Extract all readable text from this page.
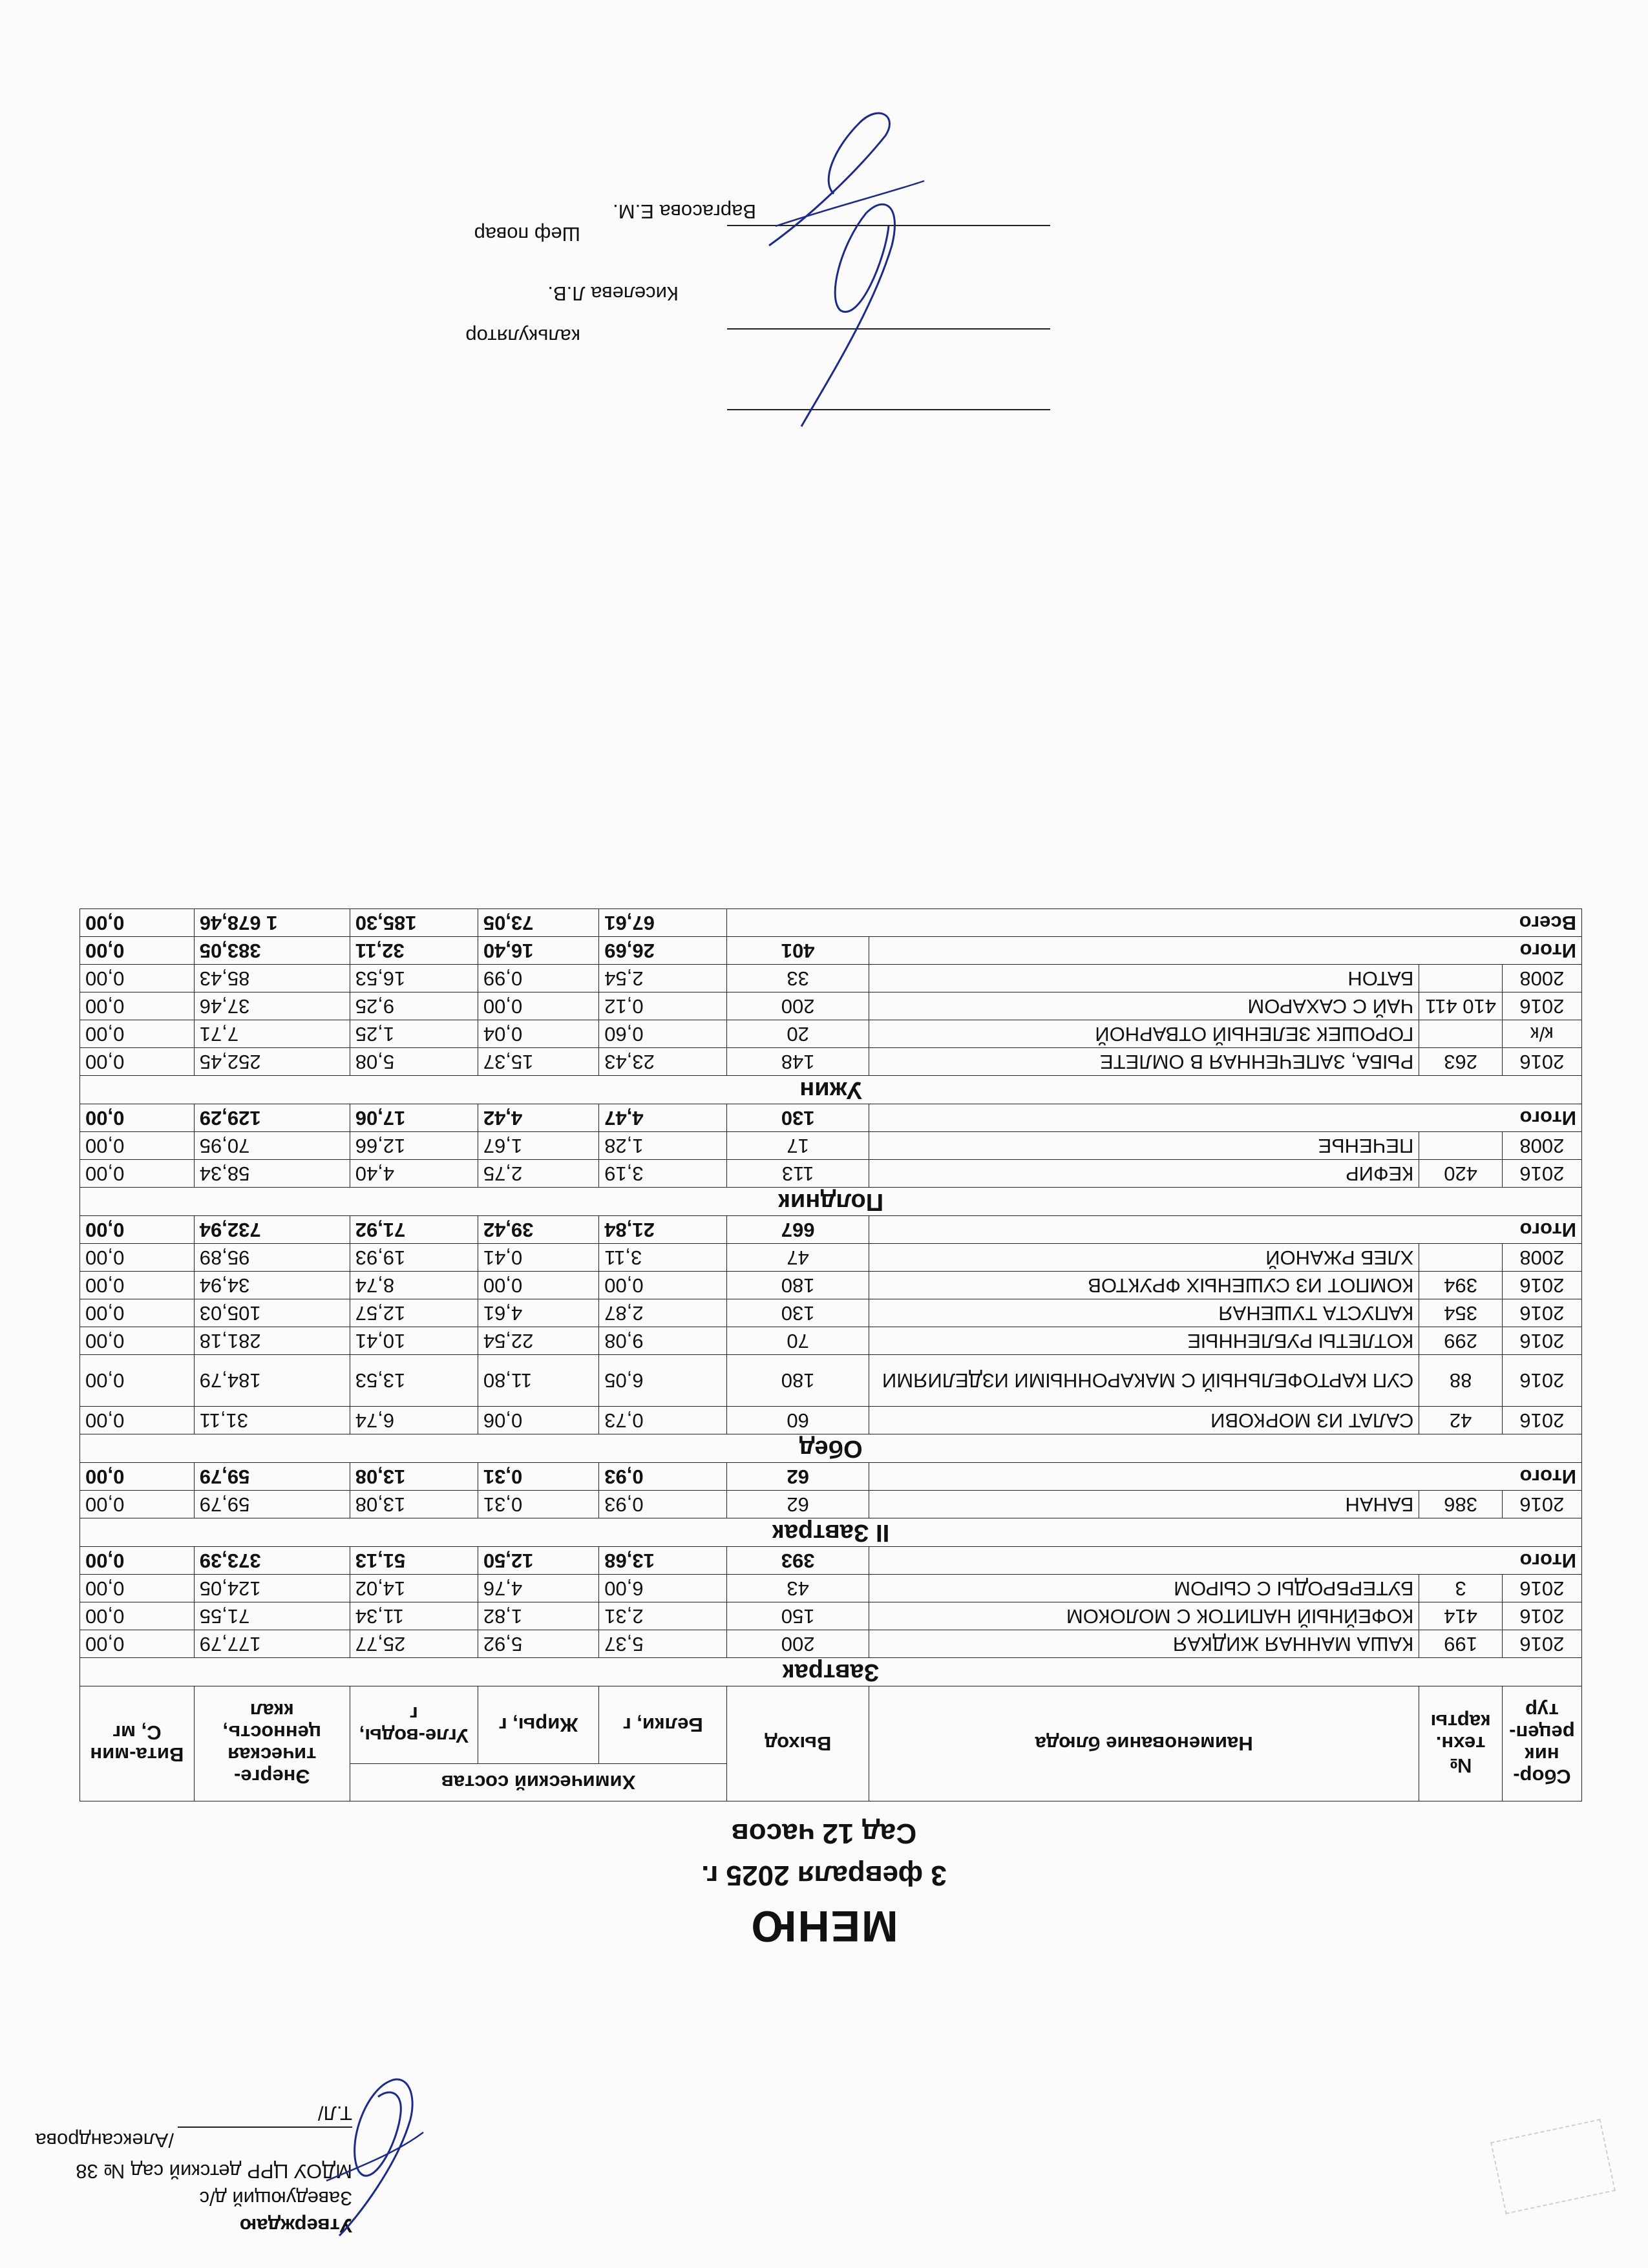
Утверждаю
Заведующий д/с
МДОУ ЦРР детский сад № 38
/Александрова Т.Л/
МЕНЮ
3 февраля 2025 г.
Сад 12 часов
Сбор-ник рецеп-тур	№ техн. карты	Наименование блюда	Выход	Химический состав			Энерге-тическая ценность, ккал	Вита-мин С, мг
				Белки, г	Жиры, г	Угле-воды, г		
Завтрак								
2016	199	КАША МАННАЯ ЖИДКАЯ	200	5,37	5,92	25,77	177,79	0,00
2016	414	КОФЕЙНЫЙ НАПИТОК С МОЛОКОМ	150	2,31	1,82	11,34	71,55	0,00
2016	3	БУТЕРБРОДЫ С СЫРОМ	43	6,00	4,76	14,02	124,05	0,00
Итого			393	13,68	12,50	51,13	373,39	0,00
II Завтрак								
2016	386	БАНАН	62	0,93	0,31	13,08	59,79	0,00
Итого			62	0,93	0,31	13,08	59,79	0,00
Обед								
2016	42	САЛАТ ИЗ МОРКОВИ	60	0,73	0,06	6,74	31,11	0,00
2016	88	СУП КАРТОФЕЛЬНЫЙ С МАКАРОННЫМИ ИЗДЕЛИЯМИ	180	6,05	11,80	13,53	184,79	0,00
2016	299	КОТЛЕТЫ РУБЛЕННЫЕ	70	9,08	22,54	10,41	281,18	0,00
2016	354	КАПУСТА ТУШЕНАЯ	130	2,87	4,61	12,57	105,03	0,00
2016	394	КОМПОТ ИЗ СУШЕНЫХ ФРУКТОВ	180	0,00	0,00	8,74	34,94	0,00
2008		ХЛЕБ РЖАНОЙ	47	3,11	0,41	19,93	95,89	0,00
Итого			667	21,84	39,42	71,92	732,94	0,00
Полдник								
2016	420	КЕФИР	113	3,19	2,75	4,40	58,34	0,00
2008		ПЕЧЕНЬЕ	17	1,28	1,67	12,66	70,95	0,00
Итого			130	4,47	4,42	17,06	129,29	0,00
Ужин								
2016	263	РЫБА, ЗАПЕЧЕННАЯ В ОМЛЕТЕ	148	23,43	15,37	5,08	252,45	0,00
к/к		ГОРОШЕК ЗЕЛЕНЫЙ ОТВАРНОЙ	20	0,60	0,04	1,25	7,71	0,00
2016	410 411	ЧАЙ С САХАРОМ	200	0,12	0,00	9,25	37,46	0,00
2008		БАТОН	33	2,54	0,99	16,53	85,43	0,00
Итого			401	26,69	16,40	32,11	383,05	0,00
Всего				67,61	73,05	185,30	1 678,46	0,00
калькулятор
Киселева Л.В.
Шеф повар
Варгасова Е.М.
